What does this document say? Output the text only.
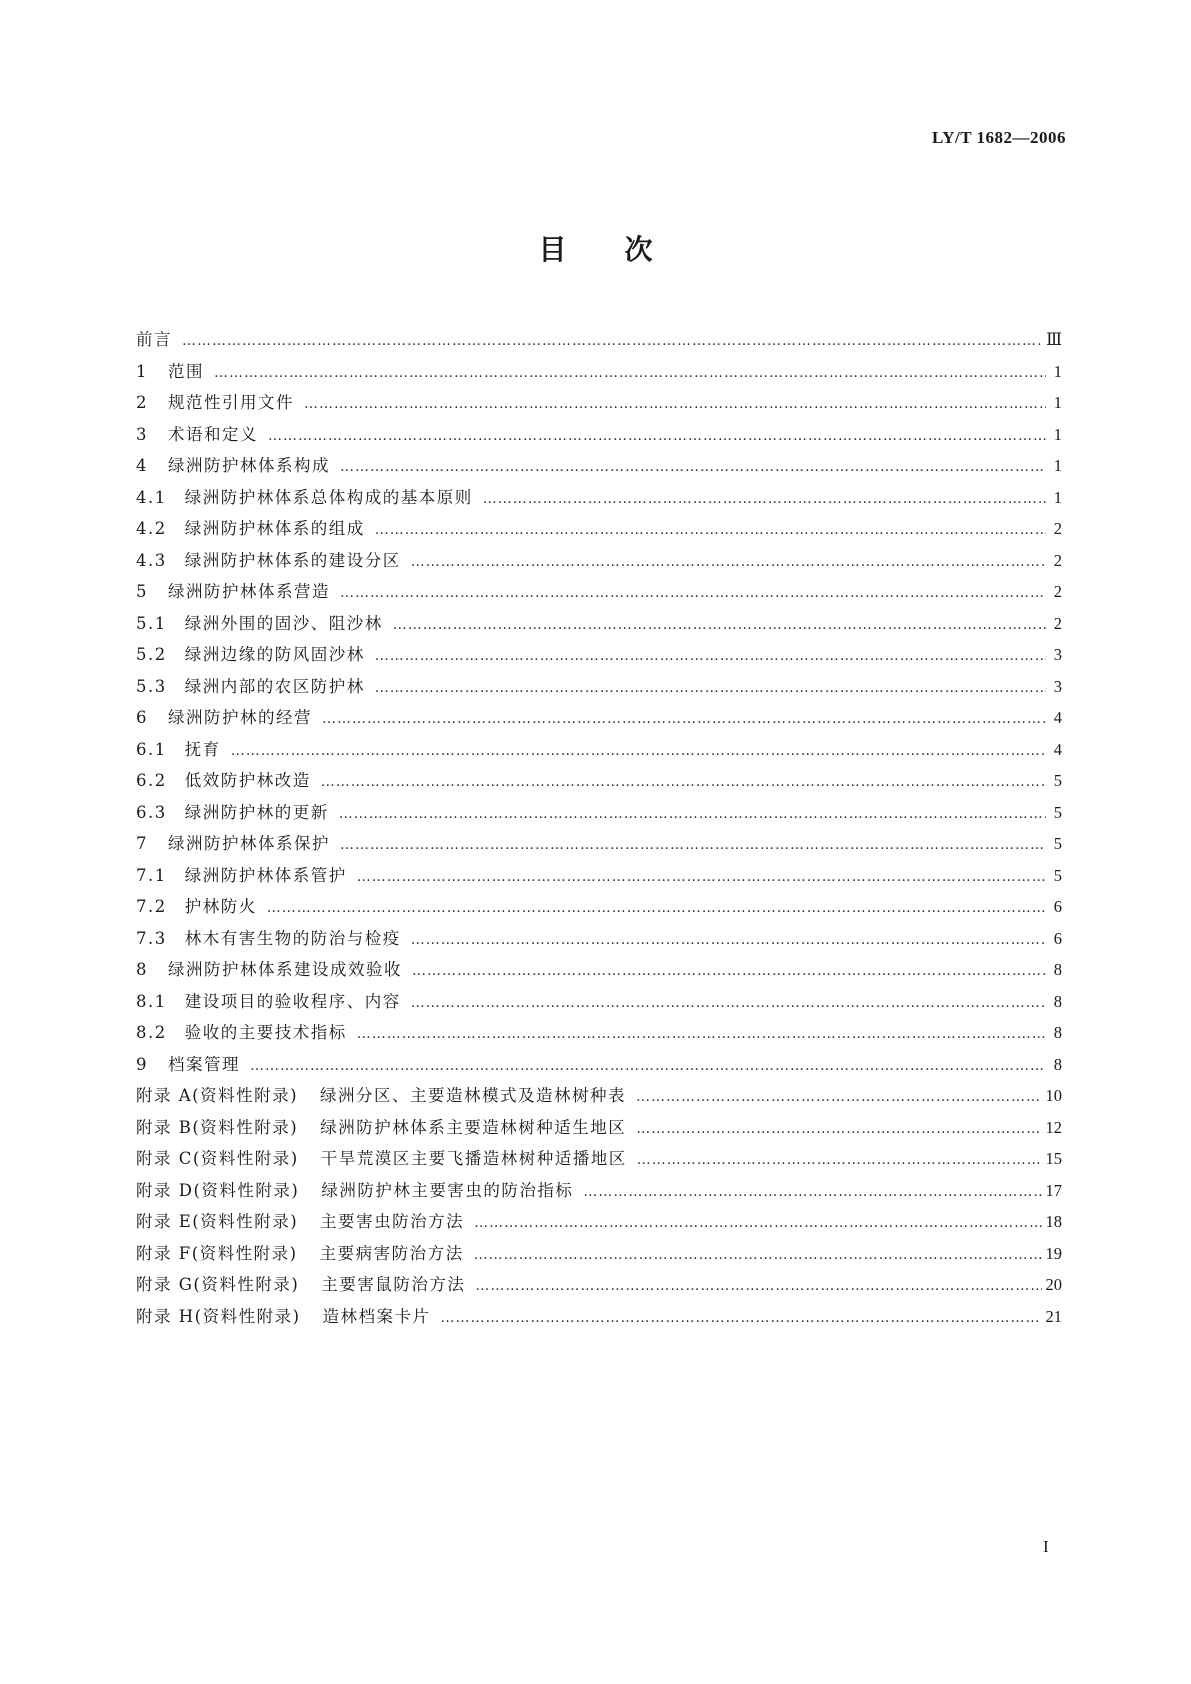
LY/T 1682—2006
目次
前言 ……………………………………………………………………………………………………………………………………………………………………………………………………………………………………………	Ⅲ
1 范围 ……………………………………………………………………………………………………………………………………………………………………………………………………………………………………………	1
2 规范性引用文件 ……………………………………………………………………………………………………………………………………………………………………………………………………………………………………………	1
3 术语和定义 ……………………………………………………………………………………………………………………………………………………………………………………………………………………………………………	1
4 绿洲防护林体系构成 ……………………………………………………………………………………………………………………………………………………………………………………………………………………………………………	1
4.1 绿洲防护林体系总体构成的基本原则 ……………………………………………………………………………………………………………………………………………………………………………………………………………………………………………	1
4.2 绿洲防护林体系的组成 ……………………………………………………………………………………………………………………………………………………………………………………………………………………………………………	2
4.3 绿洲防护林体系的建设分区 ……………………………………………………………………………………………………………………………………………………………………………………………………………………………………………	2
5 绿洲防护林体系营造 ……………………………………………………………………………………………………………………………………………………………………………………………………………………………………………	2
5.1 绿洲外围的固沙、阻沙林 ……………………………………………………………………………………………………………………………………………………………………………………………………………………………………………	2
5.2 绿洲边缘的防风固沙林 ……………………………………………………………………………………………………………………………………………………………………………………………………………………………………………	3
5.3 绿洲内部的农区防护林 ……………………………………………………………………………………………………………………………………………………………………………………………………………………………………………	3
6 绿洲防护林的经营 ……………………………………………………………………………………………………………………………………………………………………………………………………………………………………………	4
6.1 抚育 ……………………………………………………………………………………………………………………………………………………………………………………………………………………………………………	4
6.2 低效防护林改造 ……………………………………………………………………………………………………………………………………………………………………………………………………………………………………………	5
6.3 绿洲防护林的更新 ……………………………………………………………………………………………………………………………………………………………………………………………………………………………………………	5
7 绿洲防护林体系保护 ……………………………………………………………………………………………………………………………………………………………………………………………………………………………………………	5
7.1 绿洲防护林体系管护 ……………………………………………………………………………………………………………………………………………………………………………………………………………………………………………	5
7.2 护林防火 ……………………………………………………………………………………………………………………………………………………………………………………………………………………………………………	6
7.3 林木有害生物的防治与检疫 ……………………………………………………………………………………………………………………………………………………………………………………………………………………………………………	6
8 绿洲防护林体系建设成效验收 ……………………………………………………………………………………………………………………………………………………………………………………………………………………………………………	8
8.1 建设项目的验收程序、内容 ……………………………………………………………………………………………………………………………………………………………………………………………………………………………………………	8
8.2 验收的主要技术指标 ……………………………………………………………………………………………………………………………………………………………………………………………………………………………………………	8
9 档案管理 ……………………………………………………………………………………………………………………………………………………………………………………………………………………………………………	8
附录 A(资料性附录) 绿洲分区、主要造林模式及造林树种表 ……………………………………………………………………………………………………………………………………………………………………………………………………………………………………………	10
附录 B(资料性附录) 绿洲防护林体系主要造林树种适生地区 ……………………………………………………………………………………………………………………………………………………………………………………………………………………………………………	12
附录 C(资料性附录) 干旱荒漠区主要飞播造林树种适播地区 ……………………………………………………………………………………………………………………………………………………………………………………………………………………………………………	15
附录 D(资料性附录) 绿洲防护林主要害虫的防治指标 ……………………………………………………………………………………………………………………………………………………………………………………………………………………………………………	17
附录 E(资料性附录) 主要害虫防治方法 ……………………………………………………………………………………………………………………………………………………………………………………………………………………………………………	18
附录 F(资料性附录) 主要病害防治方法 ……………………………………………………………………………………………………………………………………………………………………………………………………………………………………………	19
附录 G(资料性附录) 主要害鼠防治方法 ……………………………………………………………………………………………………………………………………………………………………………………………………………………………………………	20
附录 H(资料性附录) 造林档案卡片 ……………………………………………………………………………………………………………………………………………………………………………………………………………………………………………	21
I
